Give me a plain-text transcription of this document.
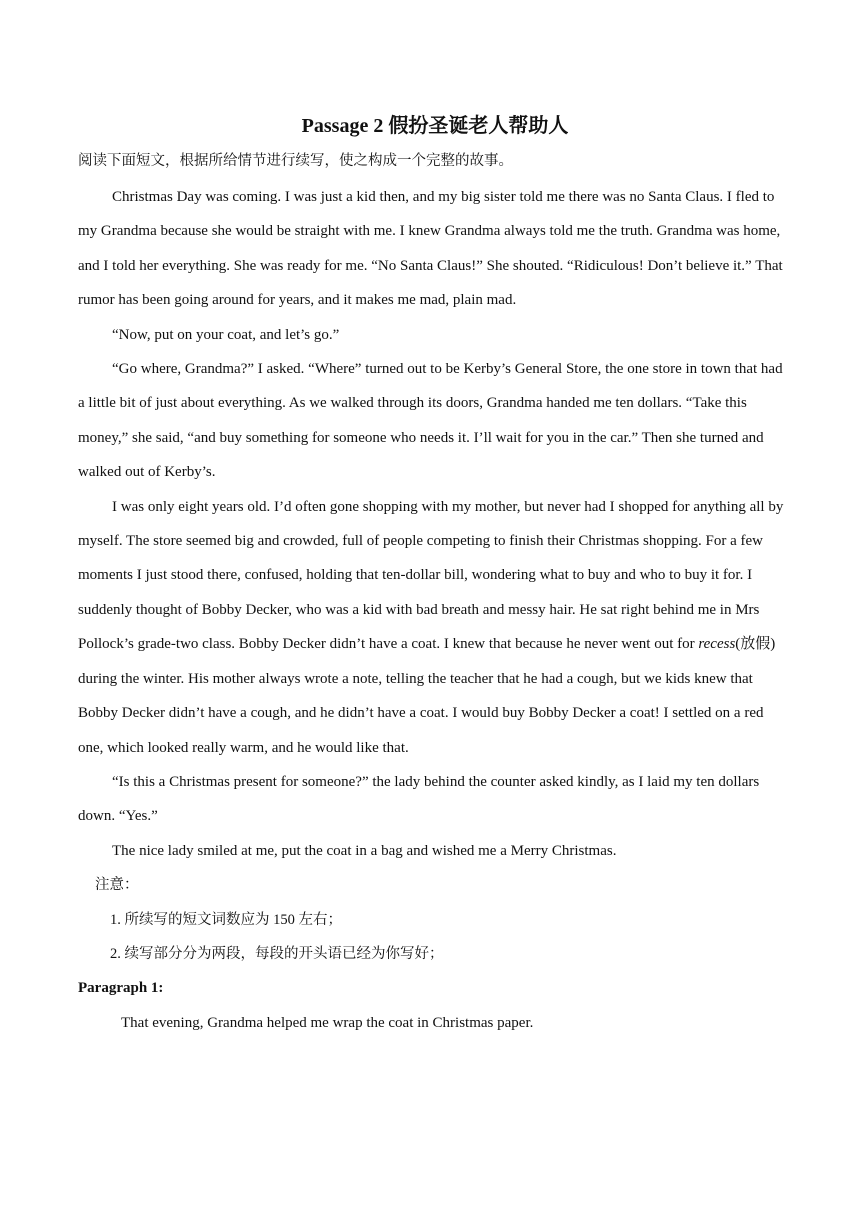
Passage 2 假扮圣诞老人帮助人

阅读下面短文，根据所给情节进行续写，使之构成一个完整的故事。

Christmas Day was coming. I was just a kid then, and my big sister told me there was no Santa Claus. I fled to my Grandma because she would be straight with me. I knew Grandma always told me the truth. Grandma was home, and I told her everything. She was ready for me. “No Santa Claus!” She shouted. “Ridiculous! Don’t believe it.” That rumor has been going around for years, and it makes me mad, plain mad.

“Now, put on your coat, and let’s go.”

“Go where, Grandma?” I asked. “Where” turned out to be Kerby’s General Store, the one store in town that had a little bit of just about everything. As we walked through its doors, Grandma handed me ten dollars. “Take this money,” she said, “and buy something for someone who needs it. I’ll wait for you in the car.” Then she turned and walked out of Kerby’s.

I was only eight years old. I’d often gone shopping with my mother, but never had I shopped for anything all by myself. The store seemed big and crowded, full of people competing to finish their Christmas shopping. For a few moments I just stood there, confused, holding that ten-dollar bill, wondering what to buy and who to buy it for. I suddenly thought of Bobby Decker, who was a kid with bad breath and messy hair. He sat right behind me in Mrs Pollock’s grade-two class. Bobby Decker didn’t have a coat. I knew that because he never went out for recess(放假) during the winter. His mother always wrote a note, telling the teacher that he had a cough, but we kids knew that Bobby Decker didn’t have a cough, and he didn’t have a coat. I would buy Bobby Decker a coat! I settled on a red one, which looked really warm, and he would like that.

“Is this a Christmas present for someone?” the lady behind the counter asked kindly, as I laid my ten dollars down. “Yes.”

The nice lady smiled at me, put the coat in a bag and wished me a Merry Christmas.

注意：

1. 所续写的短文词数应为 150 左右；

2. 续写部分分为两段，每段的开头语已经为你写好；

Paragraph 1:

That evening, Grandma helped me wrap the coat in Christmas paper.
